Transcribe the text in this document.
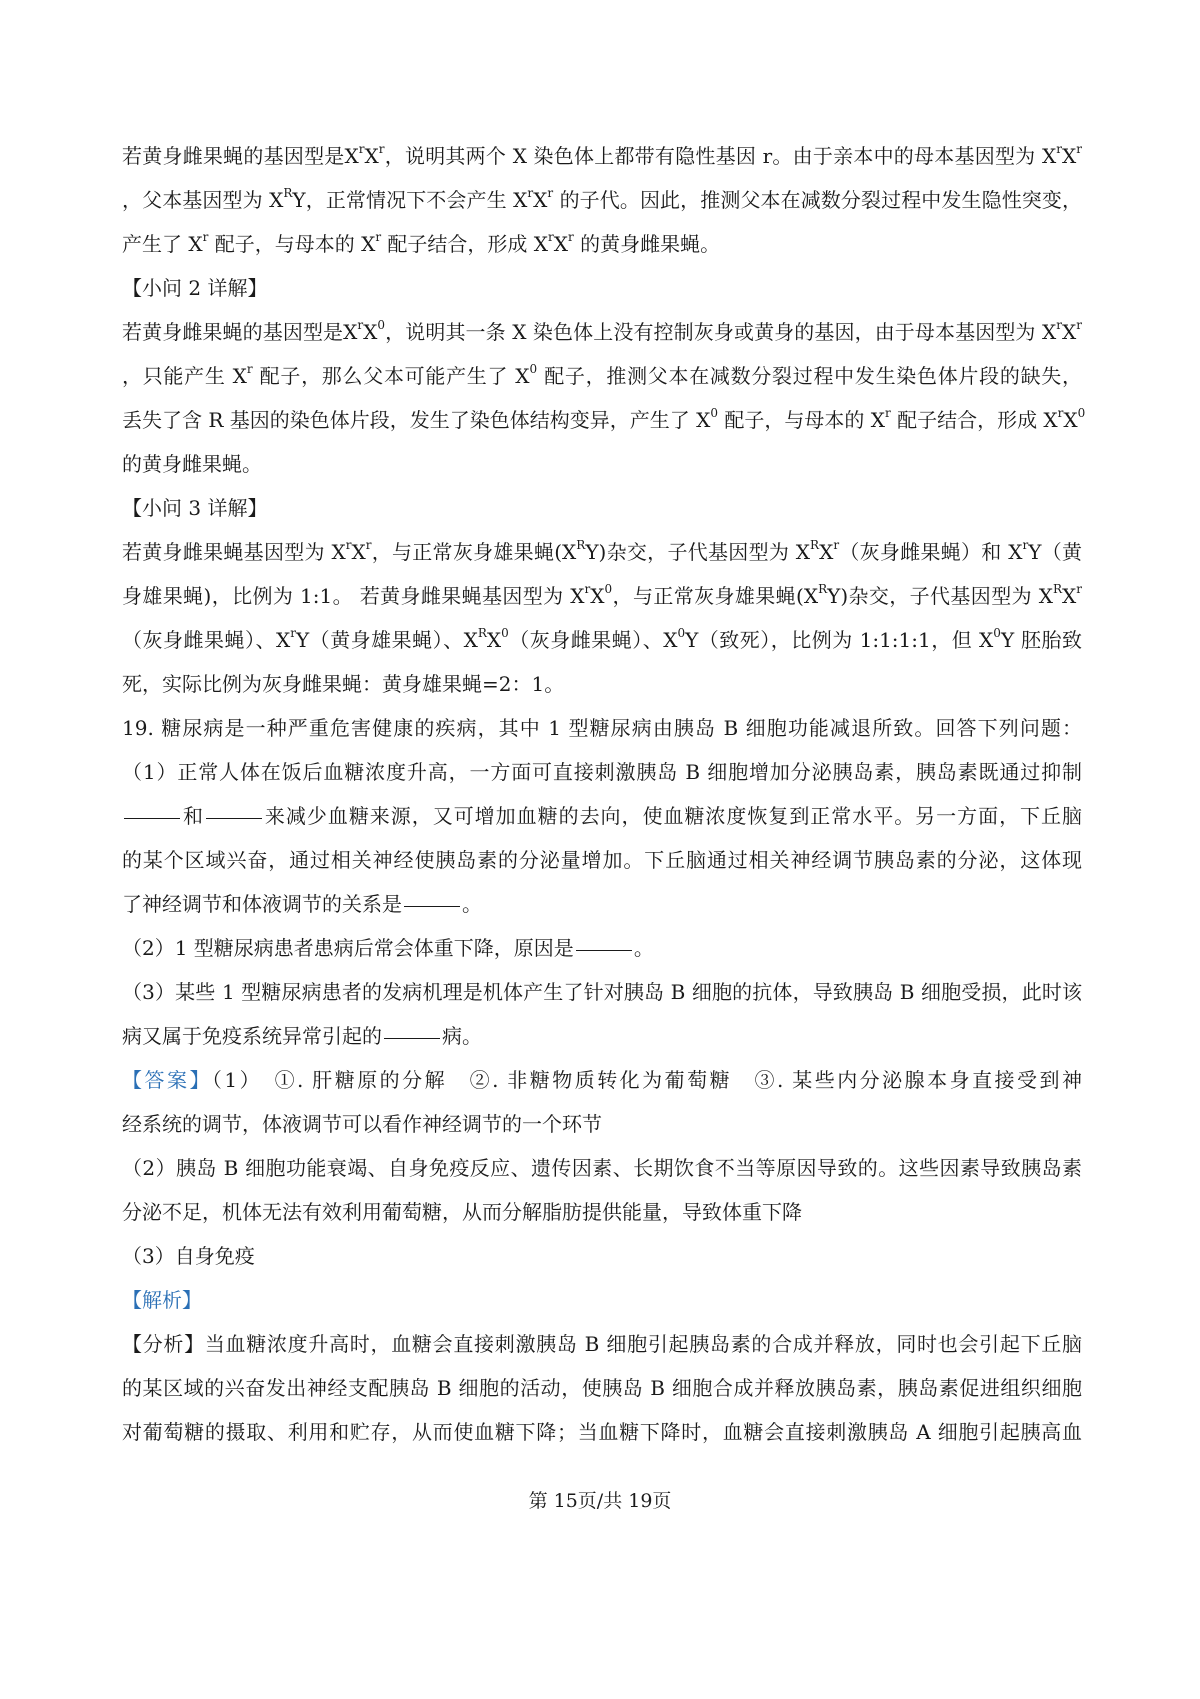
若黄身雌果蝇的基因型是$X^rX^r$，说明其两个 X 染色体上都带有隐性基因 r。由于亲本中的母本基因型为 $X^rX^r$
，父本基因型为 $X^RY$，正常情况下不会产生 $X^rX^r$ 的子代。因此，推测父本在减数分裂过程中发生隐性突变，
产生了 $X^r$ 配子，与母本的 $X^r$ 配子结合，形成 $X^rX^r$ 的黄身雌果蝇。
【小问 2 详解】
若黄身雌果蝇的基因型是$X^rX^0$，说明其一条 X 染色体上没有控制灰身或黄身的基因，由于母本基因型为 $X^rX^r$
，只能产生 $X^r$ 配子，那么父本可能产生了 $X^0$ 配子，推测父本在减数分裂过程中发生染色体片段的缺失，
丢失了含 R 基因的染色体片段，发生了染色体结构变异，产生了 $X^0$ 配子，与母本的 $X^r$ 配子结合，形成 $X^rX^0$
的黄身雌果蝇。
【小问 3 详解】
若黄身雌果蝇基因型为 $X^rX^r$，与正常灰身雄果蝇$(X^RY)$杂交，子代基因型为 $X^RX^r$（灰身雌果蝇）和 $X^rY$（黄
身雄果蝇)，比例为 1:1。 若黄身雌果蝇基因型为 $X^rX^0$，与正常灰身雄果蝇$(X^RY)$杂交，子代基因型为 $X^RX^r$
（灰身雌果蝇）、$X^rY$（黄身雄果蝇）、$X^RX^0$（灰身雌果蝇）、$X^0Y$（致死），比例为 1:1:1:1，但 $X^0Y$ 胚胎致
死，实际比例为灰身雌果蝇：黄身雄果蝇=2：1。
19. 糖尿病是一种严重危害健康的疾病，其中 1 型糖尿病由胰岛 B 细胞功能减退所致。回答下列问题：
（1）正常人体在饭后血糖浓度升高，一方面可直接刺激胰岛 B 细胞增加分泌胰岛素，胰岛素既通过抑制
和	来减少血糖来源，又可增加血糖的去向，使血糖浓度恢复到正常水平。另一方面，下丘脑
的某个区域兴奋，通过相关神经使胰岛素的分泌量增加。下丘脑通过相关神经调节胰岛素的分泌，这体现
了神经调节和体液调节的关系是	。
（2）1 型糖尿病患者患病后常会体重下降，原因是	。
（3）某些 1 型糖尿病患者的发病机理是机体产生了针对胰岛 B 细胞的抗体，导致胰岛 B 细胞受损，此时该
病又属于免疫系统异常引起的	病。
【答案】（1）　①. 肝糖原的分解　②. 非糖物质转化为葡萄糖　③. 某些内分泌腺本身直接受到神
经系统的调节，体液调节可以看作神经调节的一个环节
（2）胰岛 B 细胞功能衰竭、自身免疫反应、遗传因素、长期饮食不当等原因导致的。这些因素导致胰岛素
分泌不足，机体无法有效利用葡萄糖，从而分解脂肪提供能量，导致体重下降
（3）自身免疫
【解析】
【分析】当血糖浓度升高时，血糖会直接刺激胰岛 B 细胞引起胰岛素的合成并释放，同时也会引起下丘脑
的某区域的兴奋发出神经支配胰岛 B 细胞的活动，使胰岛 B 细胞合成并释放胰岛素，胰岛素促进组织细胞
对葡萄糖的摄取、利用和贮存，从而使血糖下降；当血糖下降时，血糖会直接刺激胰岛 A 细胞引起胰高血
第 15页/共 19页
